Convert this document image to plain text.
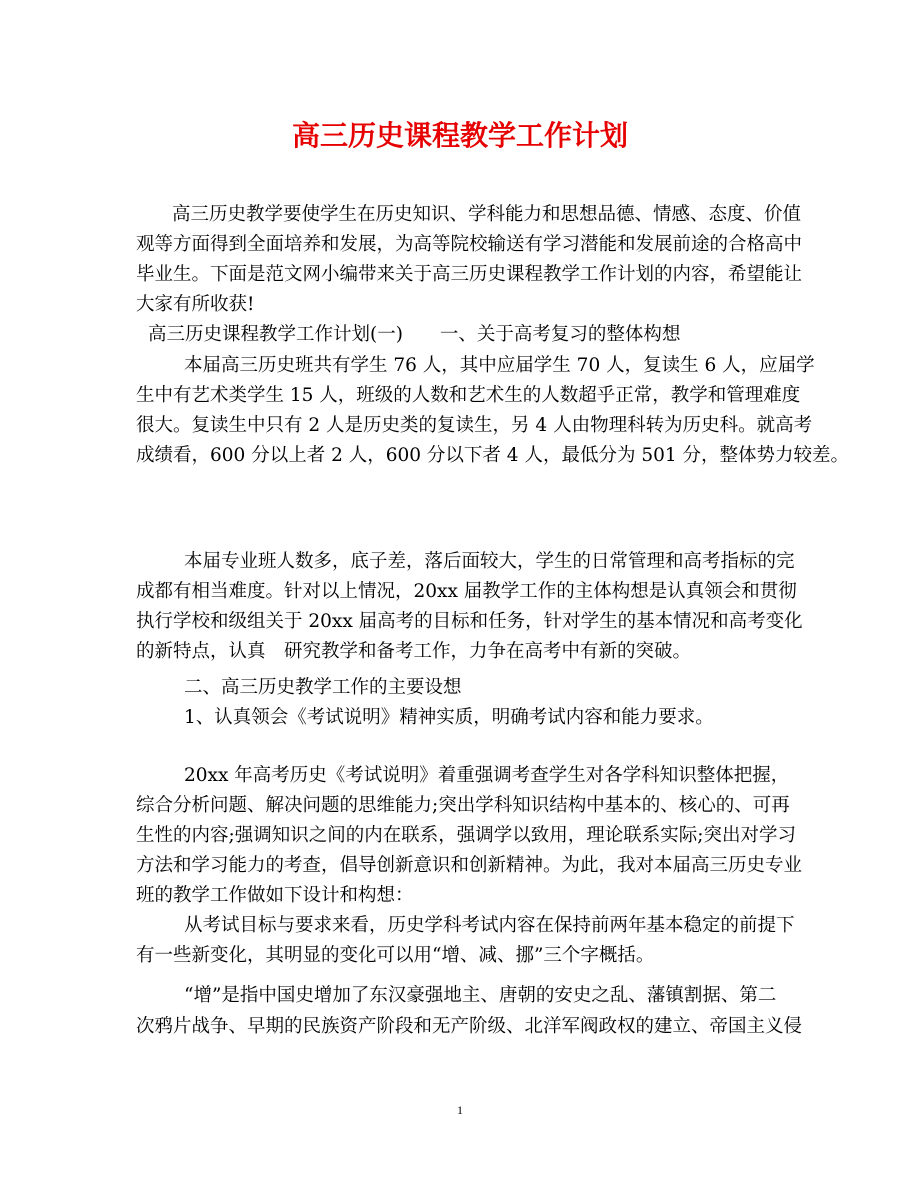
高三历史课程教学工作计划
高三历史教学要使学生在历史知识、学科能力和思想品德、情感、态度、价值
观等方面得到全面培养和发展，为高等院校输送有学习潜能和发展前途的合格高中
毕业生。下面是范文网小编带来关于高三历史课程教学工作计划的内容，希望能让
大家有所收获!
高三历史课程教学工作计划(一)　　一、关于高考复习的整体构想
本届高三历史班共有学生 76 人，其中应届学生 70 人，复读生 6 人，应届学
生中有艺术类学生 15 人，班级的人数和艺术生的人数超乎正常，教学和管理难度
很大。复读生中只有 2 人是历史类的复读生，另 4 人由物理科转为历史科。就高考
成绩看，600 分以上者 2 人，600 分以下者 4 人，最低分为 501 分，整体势力较差。
本届专业班人数多，底子差，落后面较大，学生的日常管理和高考指标的完
成都有相当难度。针对以上情况，20xx 届教学工作的主体构想是认真领会和贯彻
执行学校和级组关于 20xx 届高考的目标和任务，针对学生的基本情况和高考变化
的新特点，认真　研究教学和备考工作，力争在高考中有新的突破。
二、高三历史教学工作的主要设想
1、认真领会《考试说明》精神实质，明确考试内容和能力要求。
20xx 年高考历史《考试说明》着重强调考查学生对各学科知识整体把握，
综合分析问题、解决问题的思维能力;突出学科知识结构中基本的、核心的、可再
生性的内容;强调知识之间的内在联系，强调学以致用，理论联系实际;突出对学习
方法和学习能力的考查，倡导创新意识和创新精神。为此，我对本届高三历史专业
班的教学工作做如下设计和构想：
从考试目标与要求来看，历史学科考试内容在保持前两年基本稳定的前提下
有一些新变化，其明显的变化可以用“增、减、挪”三个字概括。
“增”是指中国史增加了东汉豪强地主、唐朝的安史之乱、藩镇割据、第二
次鸦片战争、早期的民族资产阶段和无产阶级、北洋军阀政权的建立、帝国主义侵
1
